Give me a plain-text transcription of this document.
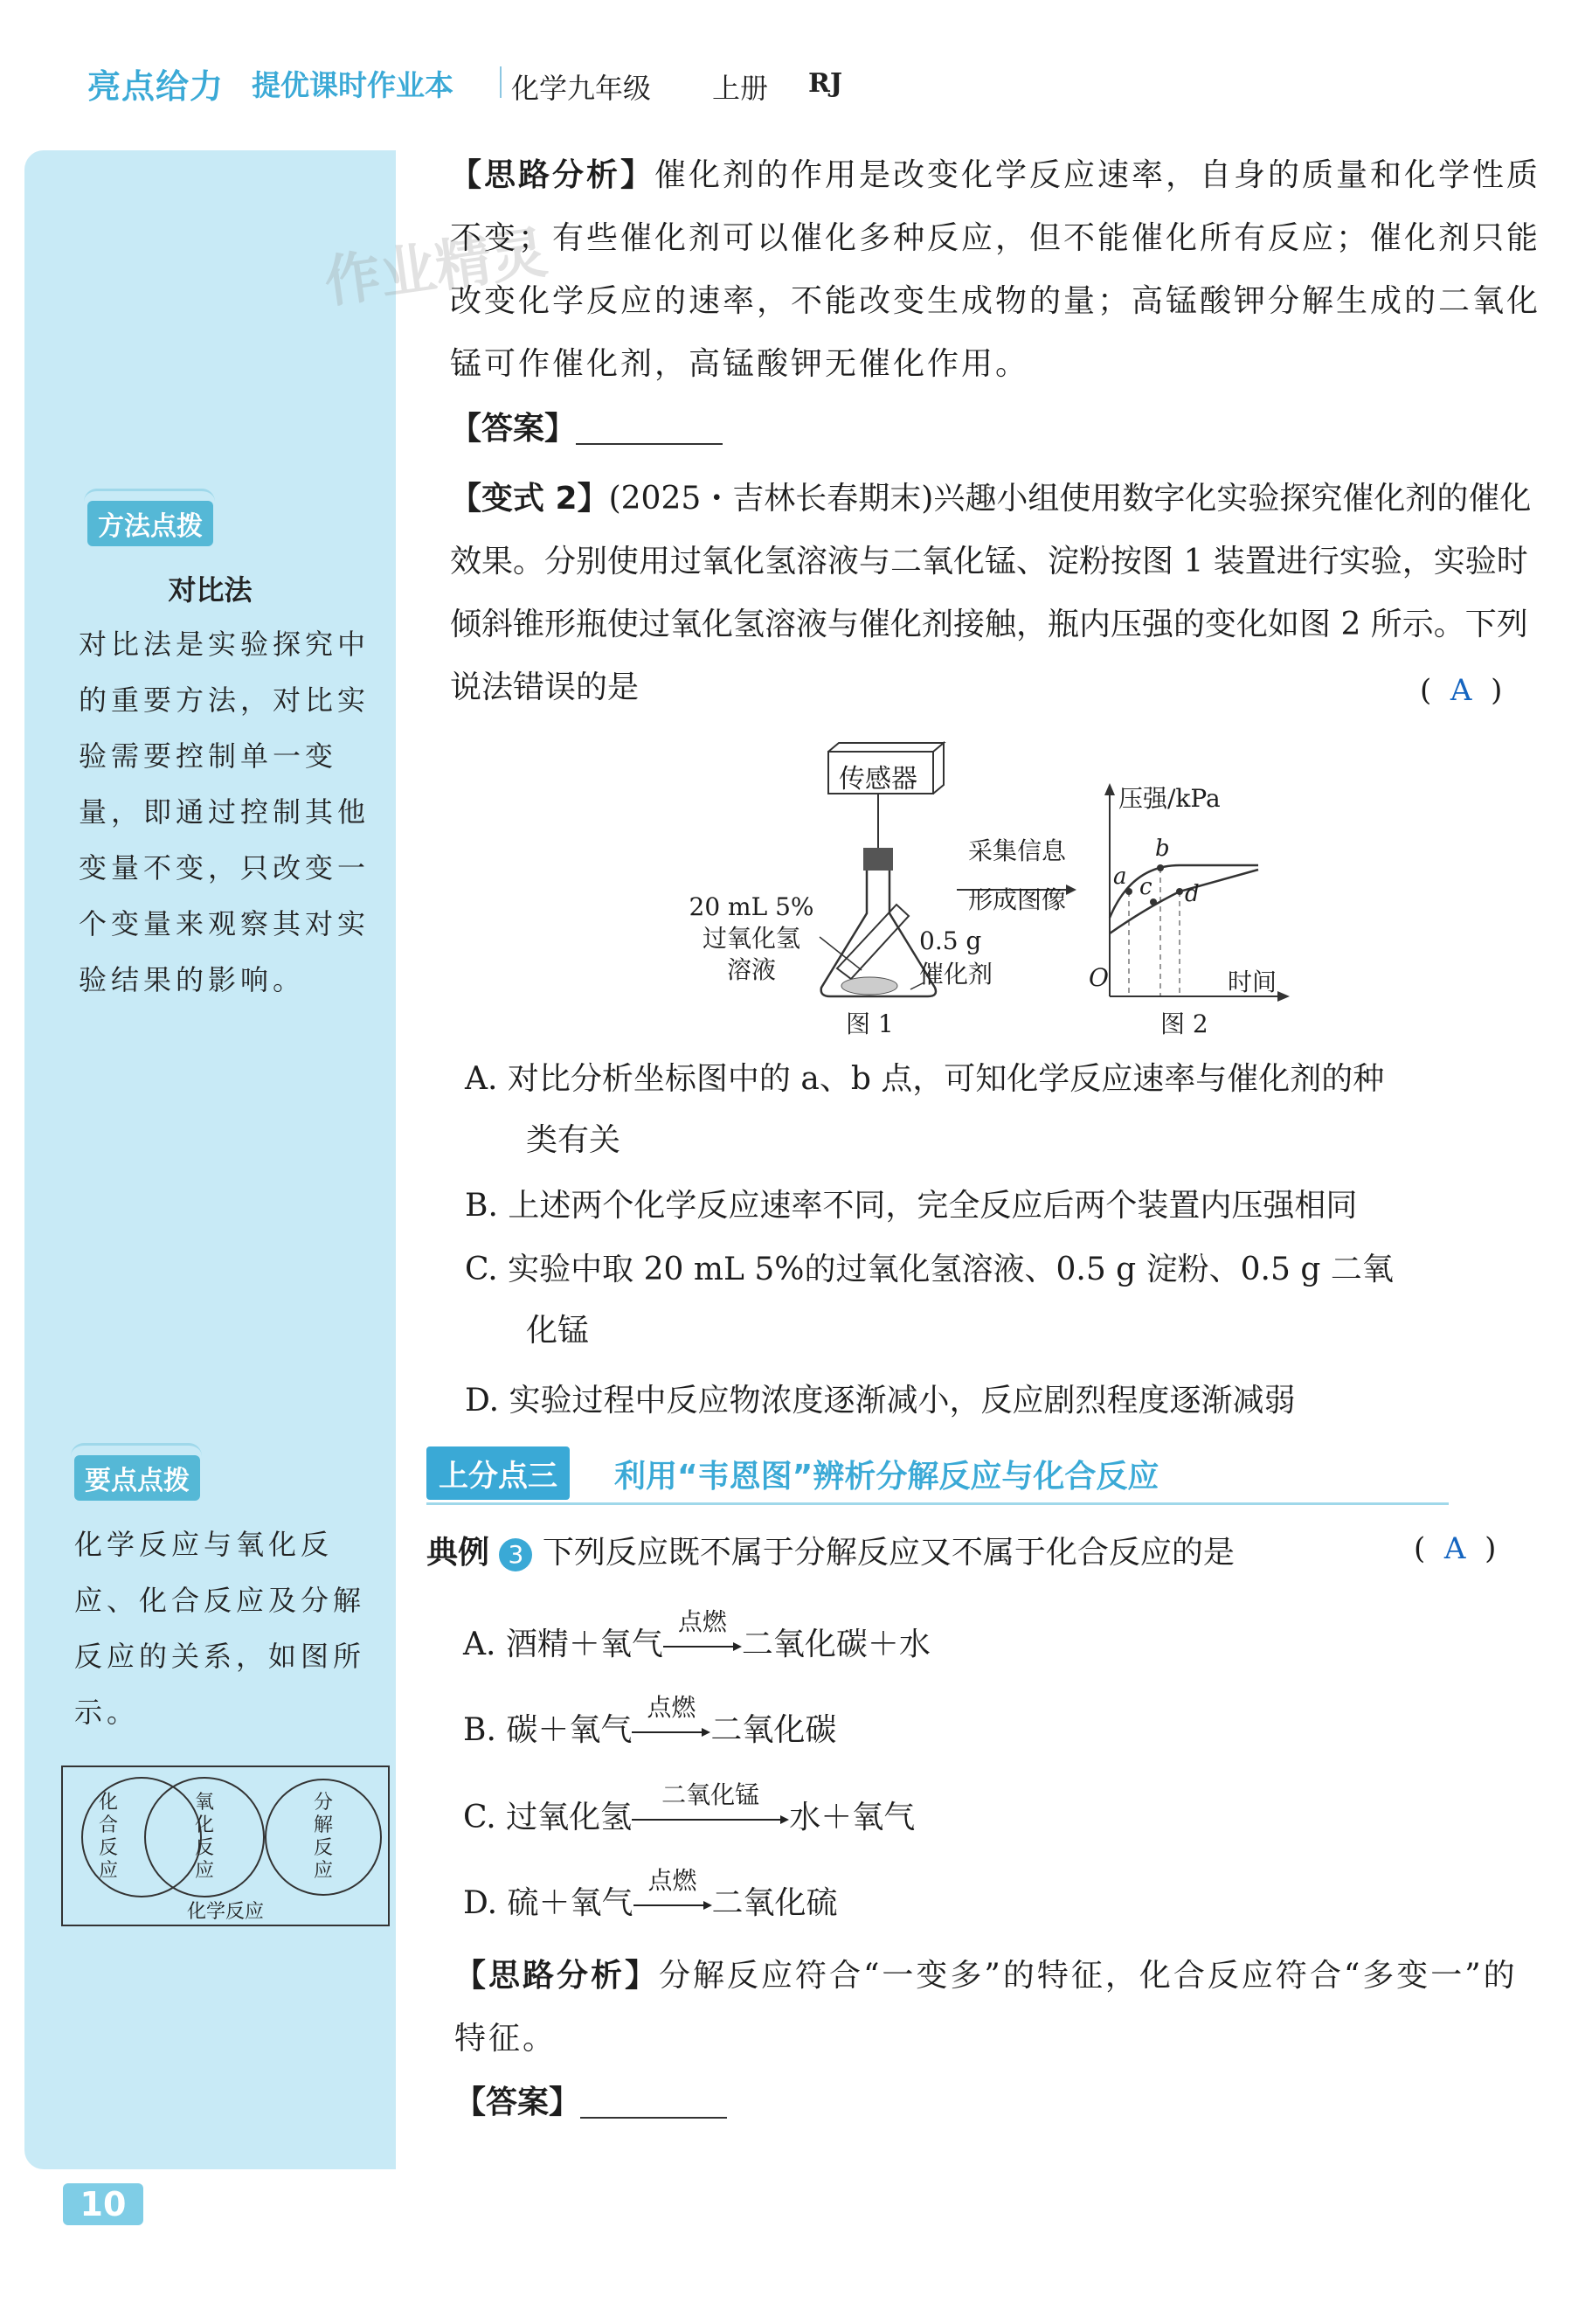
亮点给力 提优课时作业本 化学九年级 上册 RJ
方法点拨
对比法
对比法是实验探究中的重要方法，对比实验需要控制单一变量，即通过控制其他变量不变，只改变一个变量来观察其对实验结果的影响。
要点点拨
化学反应与氧化反应、化合反应及分解反应的关系，如图所示。
化合反应
氧化反应
分解反应
化学反应
作业精灵
【思路分析】催化剂的作用是改变化学反应速率，自身的质量和化学性质不变；有些催化剂可以催化多种反应，但不能催化所有反应；催化剂只能改变化学反应的速率，不能改变生成物的量；高锰酸钾分解生成的二氧化锰可作催化剂，高锰酸钾无催化作用。
【答案】
【变式 2】(2025・吉林长春期末)兴趣小组使用数字化实验探究催化剂的催化效果。分别使用过氧化氢溶液与二氧化锰、淀粉按图 1 装置进行实验，实验时倾斜锥形瓶使过氧化氢溶液与催化剂接触，瓶内压强的变化如图 2 所示。下列说法错误的是	(  A  )
传感器
20 mL 5%
过氧化氢
溶液
0.5 g
催化剂
图 1
采集信息
形成图像
压强/kPa
时间
O
a
b
c d
图 2
A. 对比分析坐标图中的 a、b 点，可知化学反应速率与催化剂的种
类有关
B. 上述两个化学反应速率不同，完全反应后两个装置内压强相同
C. 实验中取 20 mL 5%的过氧化氢溶液、0.5 g 淀粉、0.5 g 二氧
化锰
D. 实验过程中反应物浓度逐渐减小，反应剧烈程度逐渐减弱
上分点三	利用“韦恩图”辨析分解反应与化合反应
典例 3 下列反应既不属于分解反应又不属于化合反应的是	(  A  )
A. 酒精＋氧气
点燃
二氧化碳＋水
B. 碳＋氧气
点燃
二氧化碳
C. 过氧化氢
二氧化锰
水＋氧气
D. 硫＋氧气
点燃
二氧化硫
【思路分析】分解反应符合“一变多”的特征，化合反应符合“多变一”的特征。
【答案】
10
